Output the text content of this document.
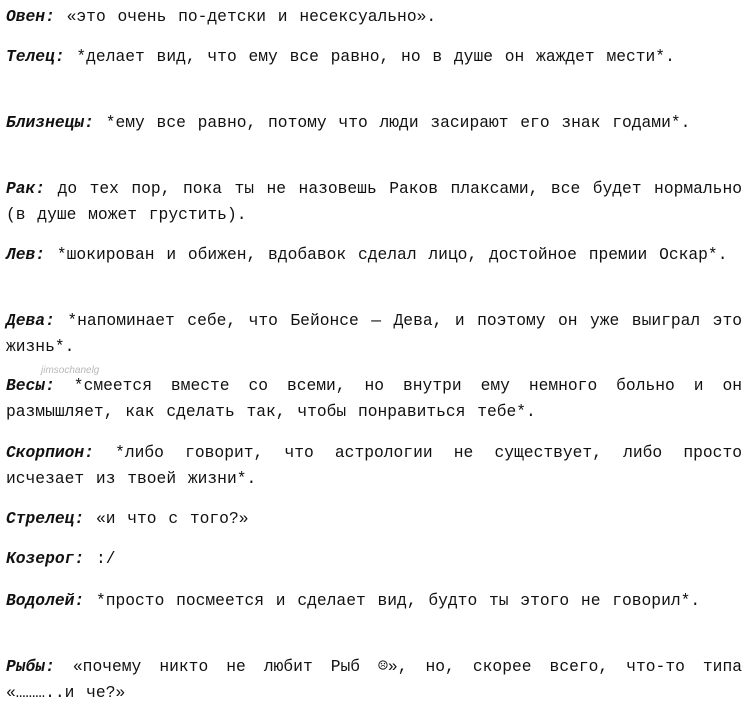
Овен: «это очень по-детски и несексуально».

Телец: *делает вид, что ему все равно, но в душе он жаждет мести*.

Близнецы: *ему все равно, потому что люди засирают его знак годами*.

Рак: до тех пор, пока ты не назовешь Раков плаксами, все будет нормально (в душе может грустить).

Лев: *шокирован и обижен, вдобавок сделал лицо, достойное премии Оскар*.

Дева: *напоминает себе, что Бейонсе — Дева, и поэтому он уже выиграл это жизнь*.

Весы: *смеется вместе со всеми, но внутри ему немного больно и он размышляет, как сделать так, чтобы понравиться тебе*.

Скорпион: *либо говорит, что астрологии не существует, либо просто исчезает из твоей жизни*.

Стрелец: «и что с того?»

Козерог: :/

Водолей: *просто посмеется и сделает вид, будто ты этого не говорил*.

Рыбы: «почему никто не любит Рыб ☹», но, скорее всего, что-то типа «………..и че?»

jimsochanelg
